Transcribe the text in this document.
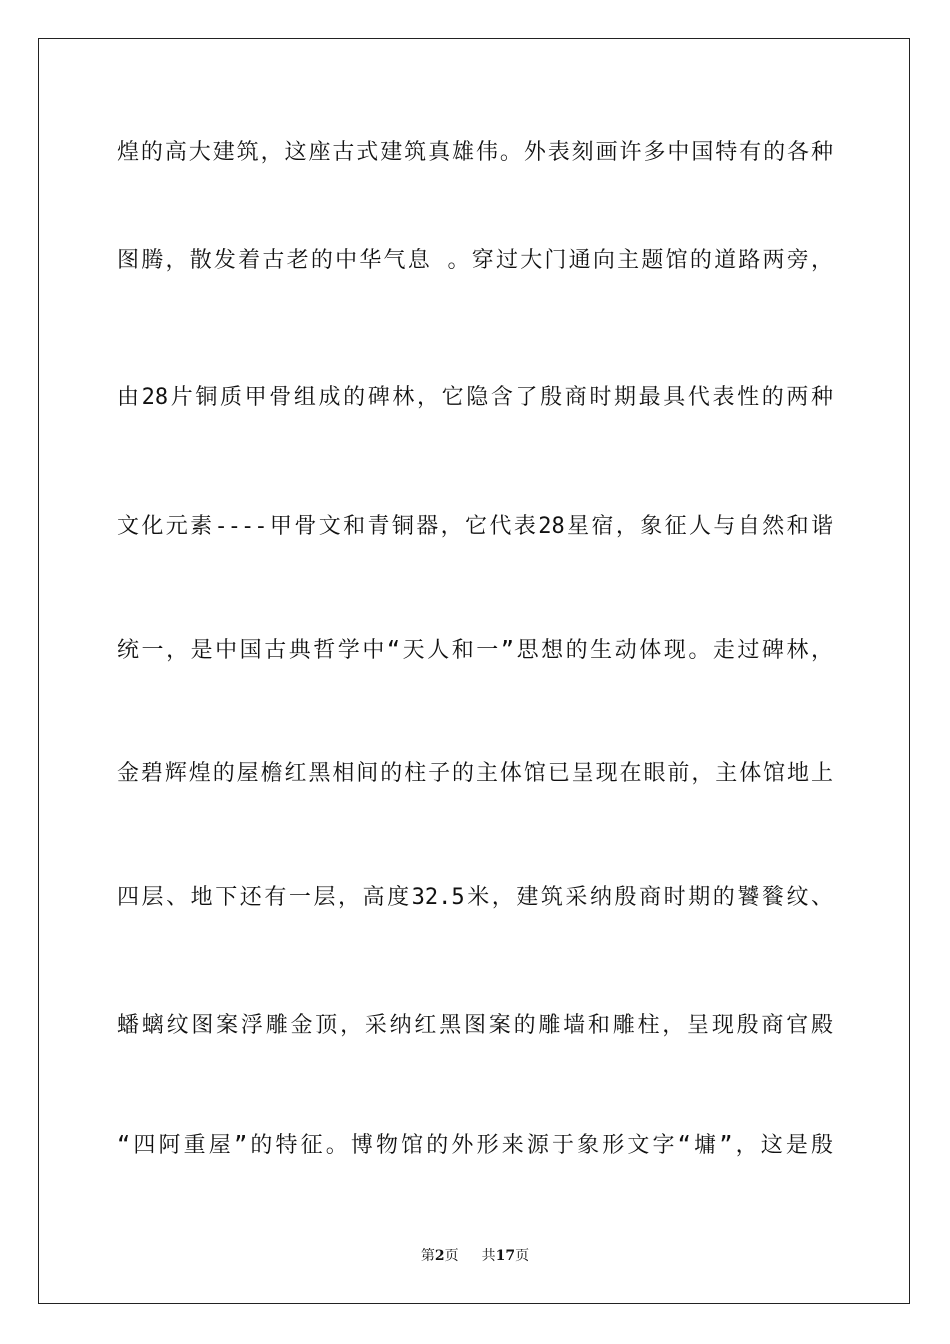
煌的高大建筑，这座古式建筑真雄伟。外表刻画许多中国特有的各种
图腾，散发着古老的中华气息 。穿过大门通向主题馆的道路两旁，
由28片铜质甲骨组成的碑林，它隐含了殷商时期最具代表性的两种
文化元素----甲骨文和青铜器，它代表28星宿，象征人与自然和谐
统一，是中国古典哲学中“天人和一”思想的生动体现。走过碑林，
金碧辉煌的屋檐红黑相间的柱子的主体馆已呈现在眼前，主体馆地上
四层、地下还有一层，高度32.5米，建筑采纳殷商时期的饕餮纹、
蟠螭纹图案浮雕金顶，采纳红黑图案的雕墙和雕柱，呈现殷商官殿
“四阿重屋”的特征。博物馆的外形来源于象形文字“墉”，这是殷
第2页 共17页
